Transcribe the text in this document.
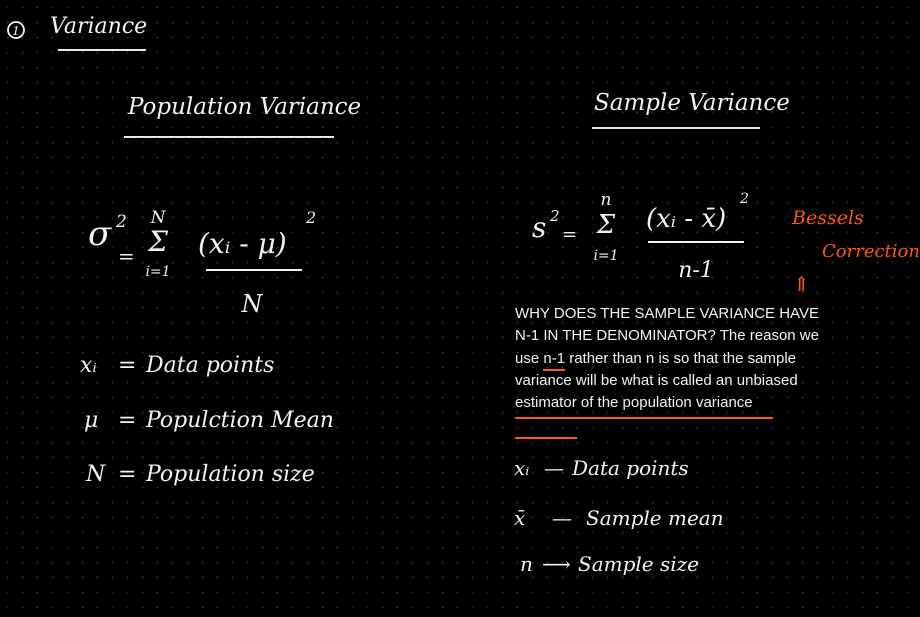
1 Variance
Population Variance
σ 2
=
N
Σ
i=1
(xᵢ - μ)
2
N
xᵢ = Data points
μ = Populction Mean
N = Population size
Sample Variance
s 2
=
n
Σ
i=1
(xᵢ - x̄)
2
n-1
Bessels
Correction
⇑
WHY DOES THE SAMPLE VARIANCE HAVE N-1 IN THE DENOMINATOR? The reason we use n-1
rather than n is so that the sample variance will be what is called an unbiased estimator of the population variance
xᵢ — Data points
x̄ — Sample mean
n ⟶ Sample size
